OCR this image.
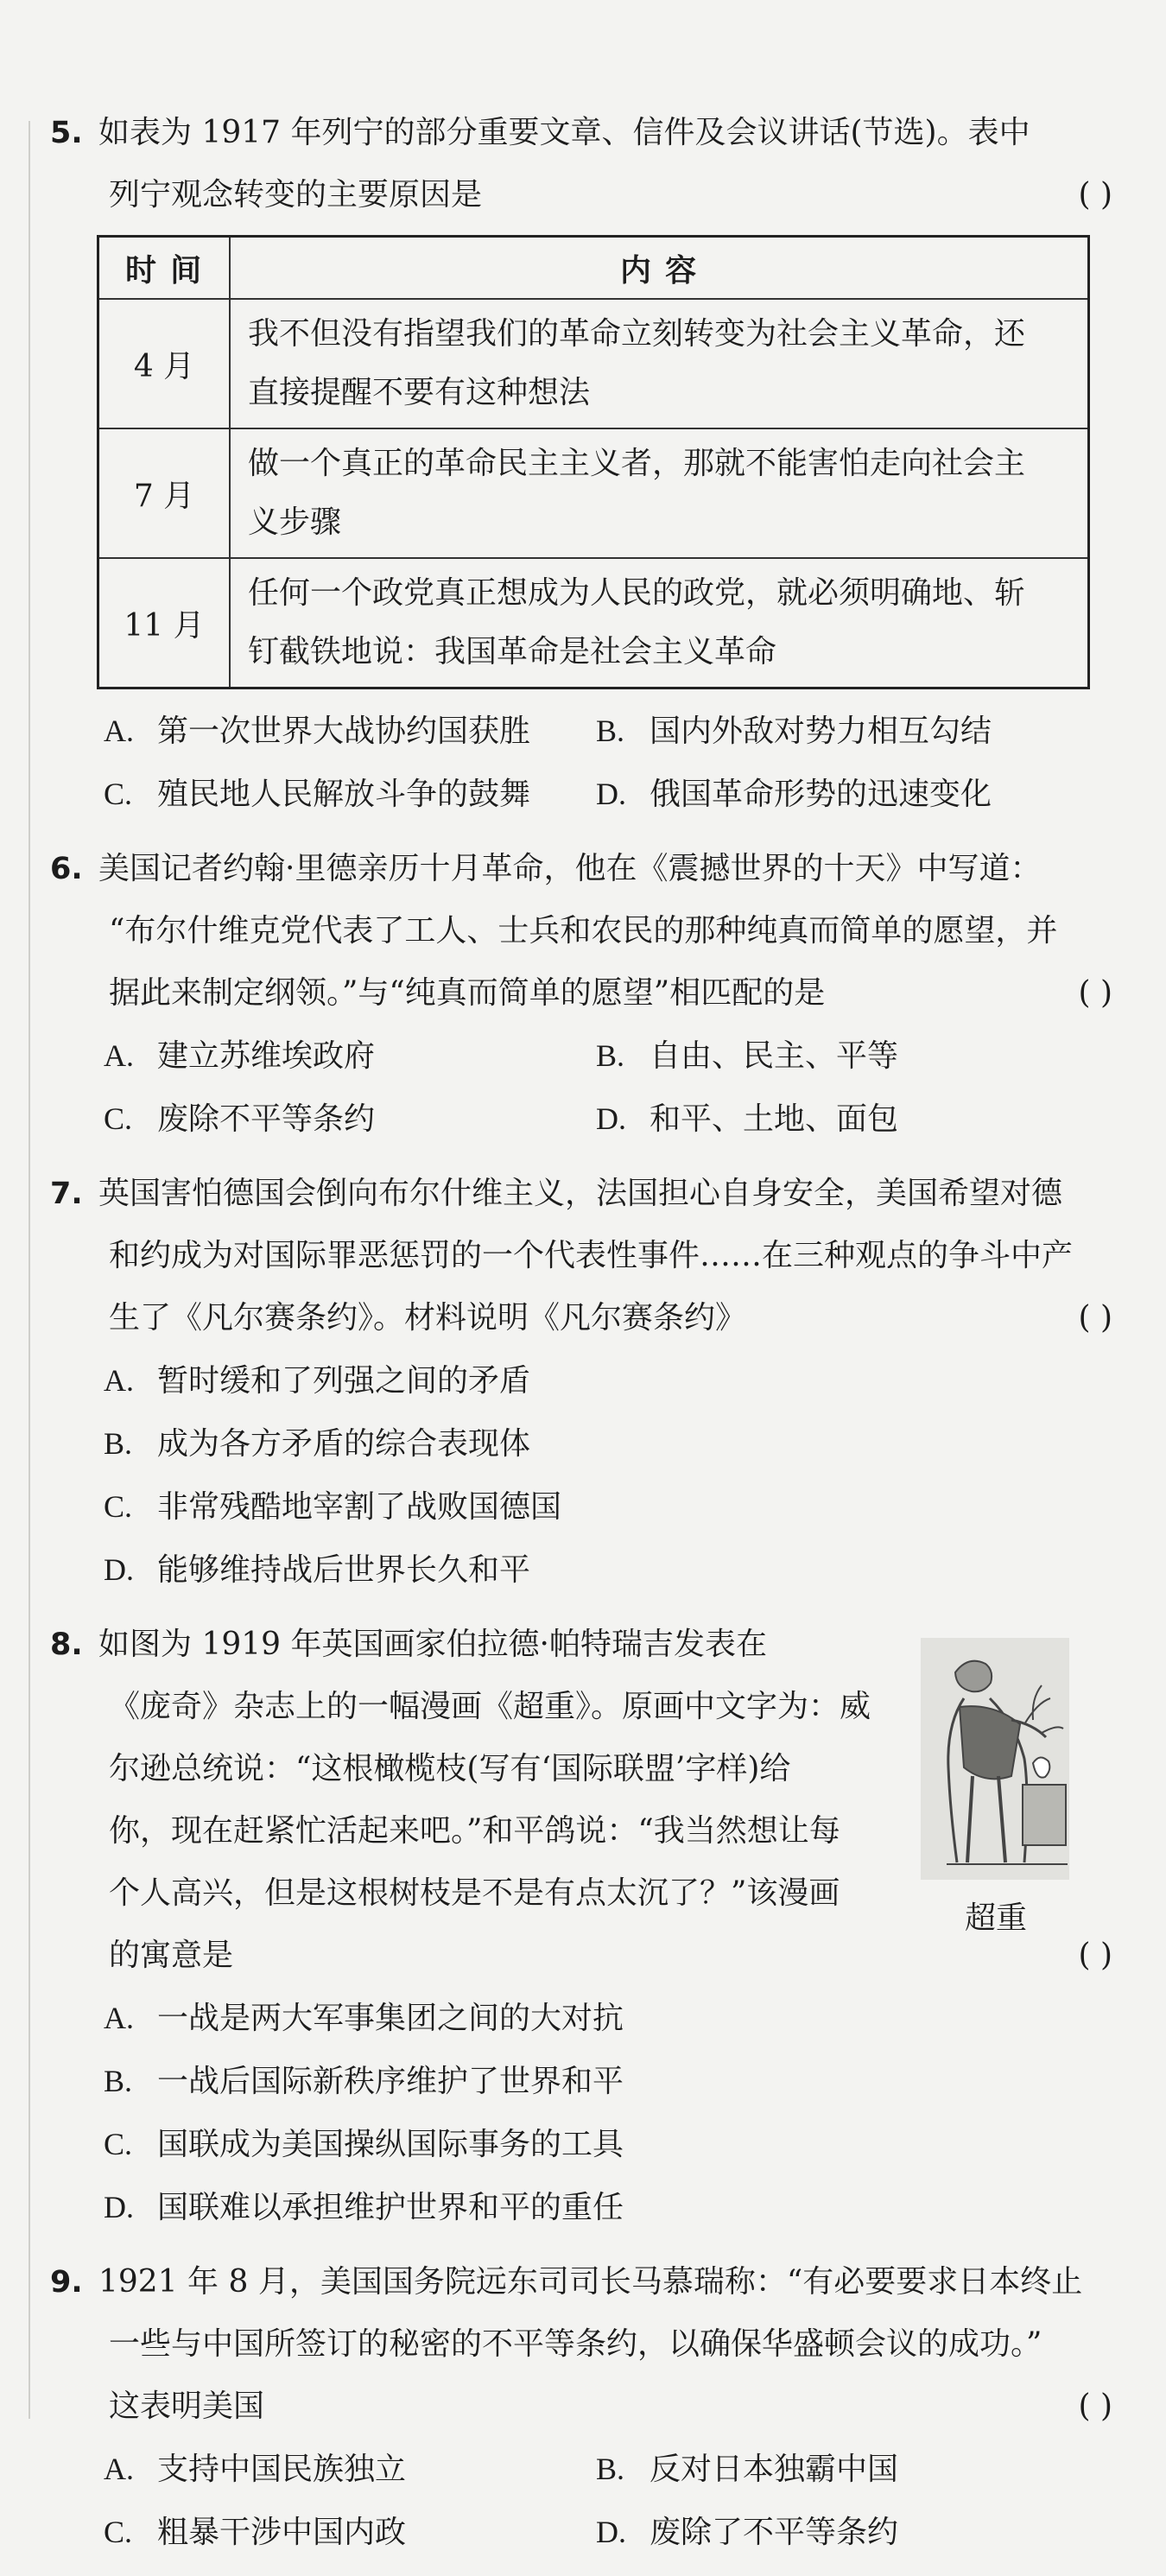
5. 如表为 1917 年列宁的部分重要文章、信件及会议讲话(节选)。表中
列宁观念转变的主要原因是	( )
时 间	内 容
4 月	我不但没有指望我们的革命立刻转变为社会主义革命，还
直接提醒不要有这种想法

7 月	做一个真正的革命民主主义者，那就不能害怕走向社会主
义步骤

11 月	任何一个政党真正想成为人民的政党，就必须明确地、斩
钉截铁地说：我国革命是社会主义革命
A. 第一次世界大战协约国获胜	B. 国内外敌对势力相互勾结
C. 殖民地人民解放斗争的鼓舞	D. 俄国革命形势的迅速变化
6. 美国记者约翰·里德亲历十月革命，他在《震撼世界的十天》中写道：
“布尔什维克党代表了工人、士兵和农民的那种纯真而简单的愿望，并
据此来制定纲领。”与“纯真而简单的愿望”相匹配的是	( )
A. 建立苏维埃政府	B. 自由、民主、平等
C. 废除不平等条约	D. 和平、土地、面包
7. 英国害怕德国会倒向布尔什维主义，法国担心自身安全，美国希望对德
和约成为对国际罪恶惩罚的一个代表性事件……在三种观点的争斗中产
生了《凡尔赛条约》。材料说明《凡尔赛条约》	( )
A. 暂时缓和了列强之间的矛盾
B. 成为各方矛盾的综合表现体
C. 非常残酷地宰割了战败国德国
D. 能够维持战后世界长久和平
8. 如图为 1919 年英国画家伯拉德·帕特瑞吉发表在
《庞奇》杂志上的一幅漫画《超重》。原画中文字为：威
尔逊总统说：“这根橄榄枝(写有‘国际联盟’字样)给
你，现在赶紧忙活起来吧。”和平鸽说：“我当然想让每
个人高兴，但是这根树枝是不是有点太沉了？”该漫画
的寓意是	( )
超重
A. 一战是两大军事集团之间的大对抗
B. 一战后国际新秩序维护了世界和平
C. 国联成为美国操纵国际事务的工具
D. 国联难以承担维护世界和平的重任
9. 1921 年 8 月，美国国务院远东司司长马慕瑞称：“有必要要求日本终止
一些与中国所签订的秘密的不平等条约，以确保华盛顿会议的成功。”
这表明美国	( )
A. 支持中国民族独立	B. 反对日本独霸中国
C. 粗暴干涉中国内政	D. 废除了不平等条约
